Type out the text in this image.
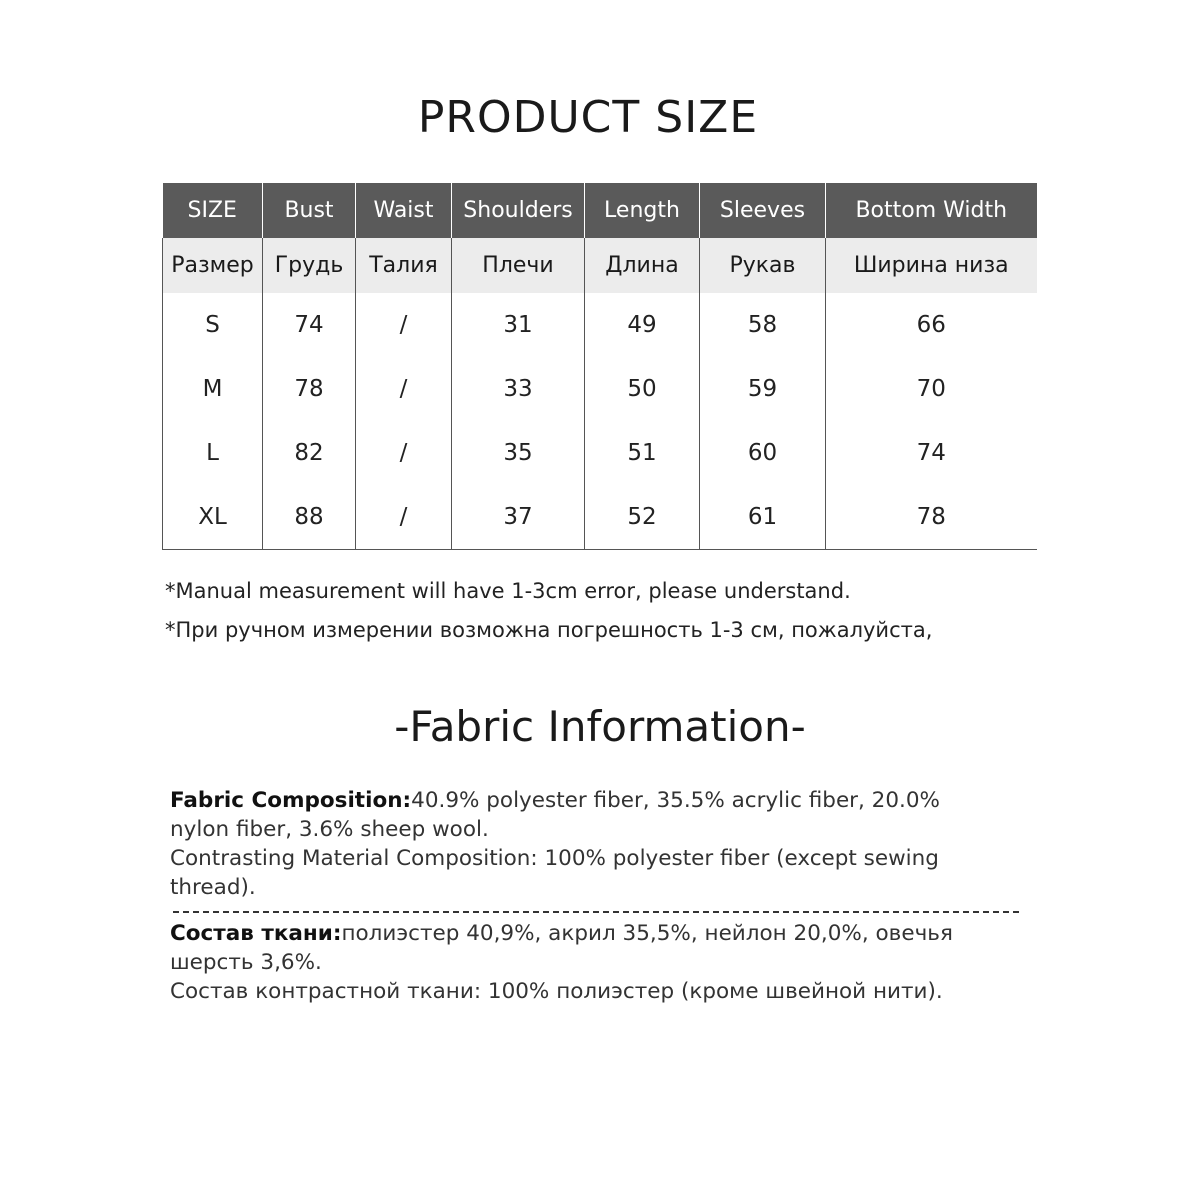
PRODUCT SIZE
SIZE	Bust	Waist	Shoulders	Length	Sleeves	Bottom Width
Размер	Грудь	Талия	Плечи	Длина	Рукав	Ширина низа
S	74	/	31	49	58	66
M	78	/	33	50	59	70
L	82	/	35	51	60	74
XL	88	/	37	52	61	78
*Manual measurement will have 1-3cm error, please understand.
*При ручном измерении возможна погрешность 1-3 см, пожалуйста,
-Fabric Information-
Fabric Composition:40.9% polyester fiber, 35.5% acrylic fiber, 20.0% nylon fiber, 3.6% sheep wool.
Contrasting Material Composition: 100% polyester fiber (except sewing thread).
Состав ткани:полиэстер 40,9%, акрил 35,5%, нейлон 20,0%, овечья шерсть 3,6%.
Состав контрастной ткани: 100% полиэстер (кроме швейной нити).
